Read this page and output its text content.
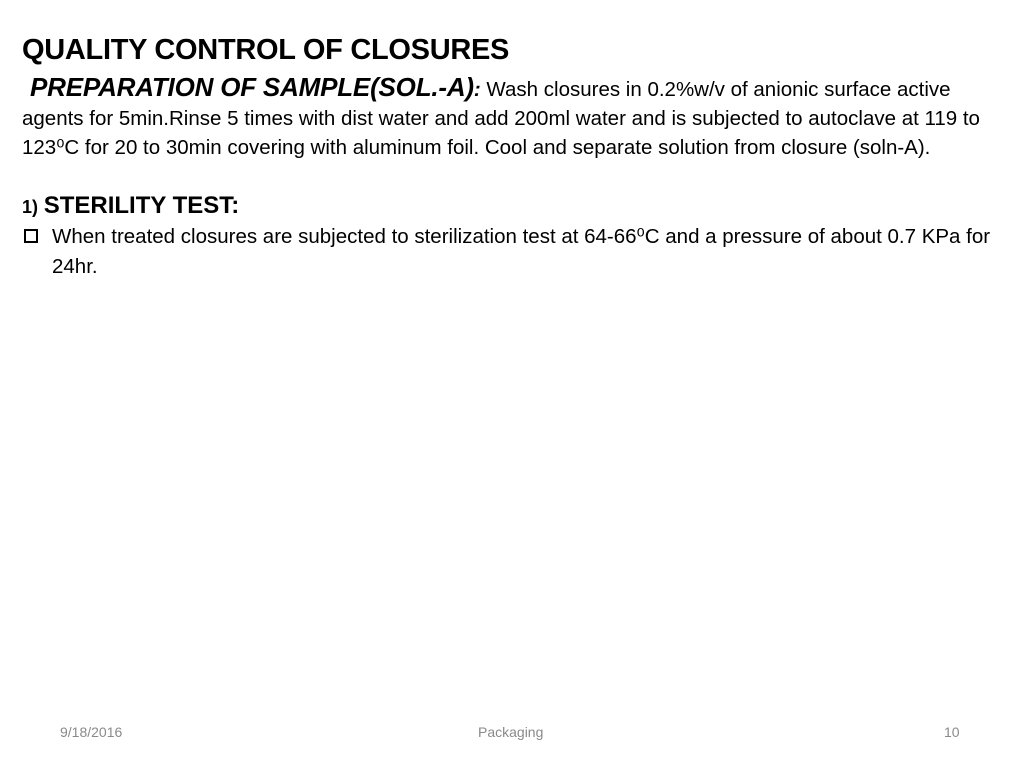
QUALITY CONTROL OF CLOSURES

PREPARATION OF SAMPLE(SOL.-A): Wash closures in 0.2%w/v of anionic surface active agents for 5min.Rinse 5 times with dist water and add 200ml water and is subjected to autoclave at 119 to 123⁰C for 20 to 30min covering with aluminum foil. Cool and separate solution from closure (soln-A).

1) STERILITY TEST:
When treated closures are subjected to sterilization test at 64-66⁰C and a pressure of about 0.7 KPa for 24hr.
9/18/2016	Packaging	10
